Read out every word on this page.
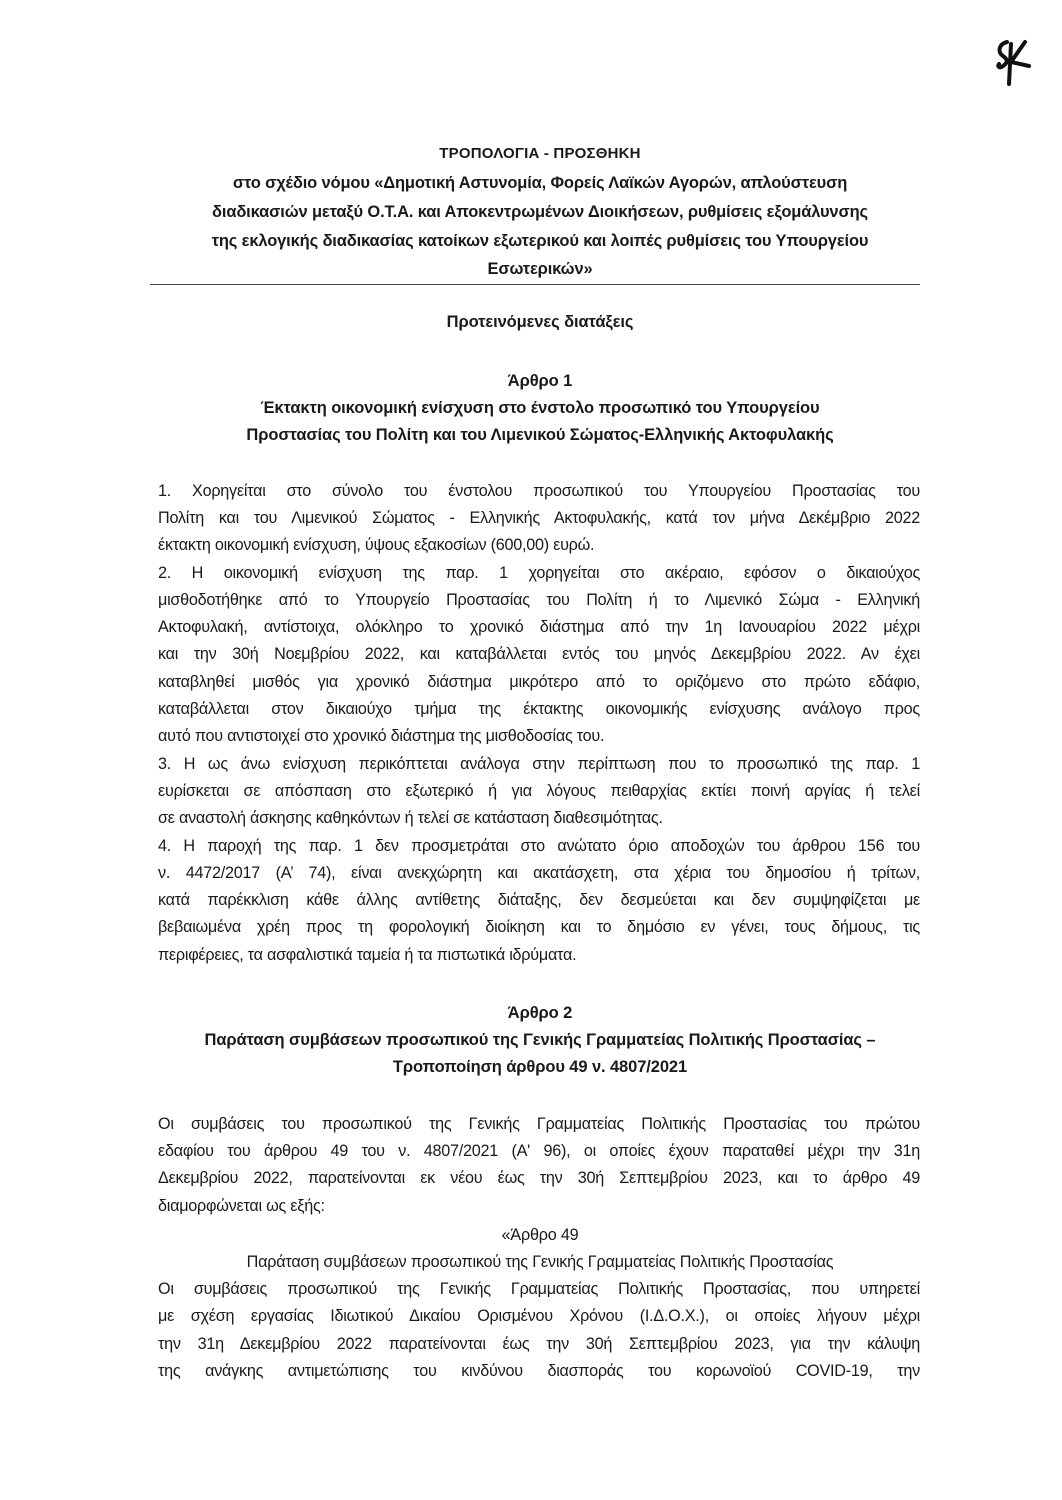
ΤΡΟΠΟΛΟΓΙΑ - ΠΡΟΣΘΗΚΗ
στο σχέδιο νόμου «Δημοτική Αστυνομία, Φορείς Λαϊκών Αγορών, απλούστευση
διαδικασιών μεταξύ Ο.Τ.Α. και Αποκεντρωμένων Διοικήσεων, ρυθμίσεις εξομάλυνσης
της εκλογικής διαδικασίας κατοίκων εξωτερικού και λοιπές ρυθμίσεις του Υπουργείου
Εσωτερικών»
Προτεινόμενες διατάξεις
Άρθρο 1
Έκτακτη οικονομική ενίσχυση στο ένστολο προσωπικό του Υπουργείου
Προστασίας του Πολίτη και του Λιμενικού Σώματος-Ελληνικής Ακτοφυλακής
1. Χορηγείται στο σύνολο του ένστολου προσωπικού του Υπουργείου Προστασίας του
Πολίτη και του Λιμενικού Σώματος - Ελληνικής Ακτοφυλακής, κατά τον μήνα Δεκέμβριο 2022
έκτακτη οικονομική ενίσχυση, ύψους εξακοσίων (600,00) ευρώ.
2. Η οικονομική ενίσχυση της παρ. 1 χορηγείται στο ακέραιο, εφόσον ο δικαιούχος
μισθοδοτήθηκε από το Υπουργείο Προστασίας του Πολίτη ή το Λιμενικό Σώμα - Ελληνική
Ακτοφυλακή, αντίστοιχα, ολόκληρο το χρονικό διάστημα από την 1η Ιανουαρίου 2022 μέχρι
και την 30ή Νοεμβρίου 2022, και καταβάλλεται εντός του μηνός Δεκεμβρίου 2022. Αν έχει
καταβληθεί μισθός για χρονικό διάστημα μικρότερο από το οριζόμενο στο πρώτο εδάφιο,
καταβάλλεται στον δικαιούχο τμήμα της έκτακτης οικονομικής ενίσχυσης ανάλογο προς
αυτό που αντιστοιχεί στο χρονικό διάστημα της μισθοδοσίας του.
3. Η ως άνω ενίσχυση περικόπτεται ανάλογα στην περίπτωση που το προσωπικό της παρ. 1
ευρίσκεται σε απόσπαση στο εξωτερικό ή για λόγους πειθαρχίας εκτίει ποινή αργίας ή τελεί
σε αναστολή άσκησης καθηκόντων ή τελεί σε κατάσταση διαθεσιμότητας.
4. Η παροχή της παρ. 1 δεν προσμετράται στο ανώτατο όριο αποδοχών του άρθρου 156 του
ν. 4472/2017 (Α’ 74), είναι ανεκχώρητη και ακατάσχετη, στα χέρια του δημοσίου ή τρίτων,
κατά παρέκκλιση κάθε άλλης αντίθετης διάταξης, δεν δεσμεύεται και δεν συμψηφίζεται με
βεβαιωμένα χρέη προς τη φορολογική διοίκηση και το δημόσιο εν γένει, τους δήμους, τις
περιφέρειες, τα ασφαλιστικά ταμεία ή τα πιστωτικά ιδρύματα.
Άρθρο 2
Παράταση συμβάσεων προσωπικού της Γενικής Γραμματείας Πολιτικής Προστασίας –
Τροποποίηση άρθρου 49 ν. 4807/2021
Οι συμβάσεις του προσωπικού της Γενικής Γραμματείας Πολιτικής Προστασίας του πρώτου
εδαφίου του άρθρου 49 του ν. 4807/2021 (Α' 96), οι οποίες έχουν παραταθεί μέχρι την 31η
Δεκεμβρίου 2022, παρατείνονται εκ νέου έως την 30ή Σεπτεμβρίου 2023, και το άρθρο 49
διαμορφώνεται ως εξής:
«Άρθρο 49
Παράταση συμβάσεων προσωπικού της Γενικής Γραμματείας Πολιτικής Προστασίας
Οι συμβάσεις προσωπικού της Γενικής Γραμματείας Πολιτικής Προστασίας, που υπηρετεί
με σχέση εργασίας Ιδιωτικού Δικαίου Ορισμένου Χρόνου (Ι.Δ.Ο.Χ.), οι οποίες λήγουν μέχρι
την 31η Δεκεμβρίου 2022 παρατείνονται έως την 30ή Σεπτεμβρίου 2023, για την κάλυψη
της ανάγκης αντιμετώπισης του κινδύνου διασποράς του κορωνοϊού COVID-19, την
